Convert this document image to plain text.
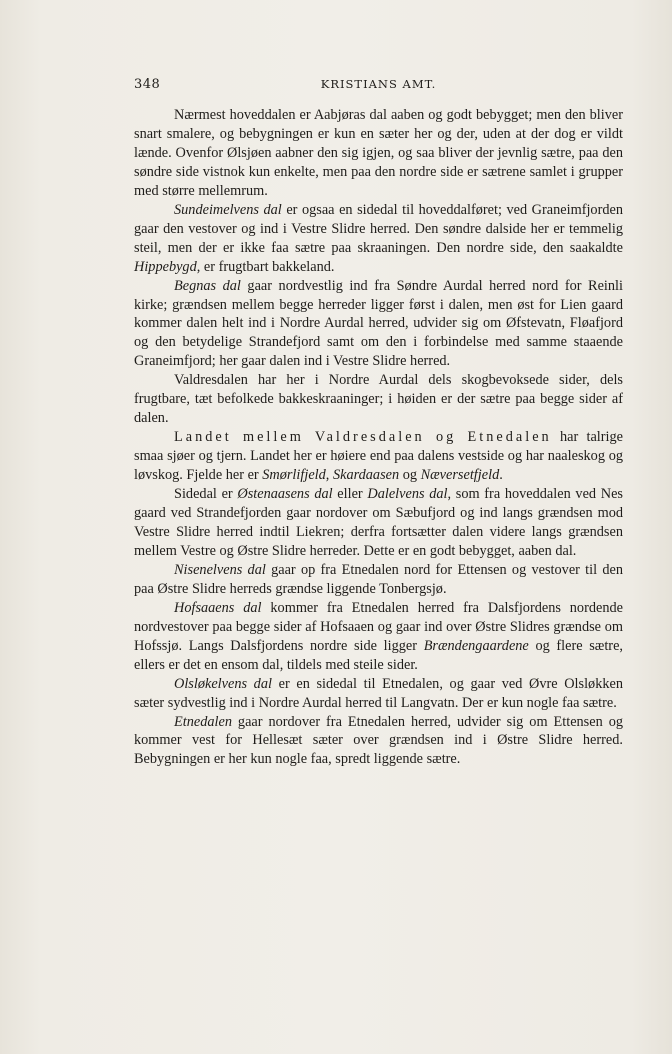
348	KRISTIANS AMT.

Nærmest hoveddalen er Aabjøras dal aaben og godt bebygget; men den bliver snart smalere, og bebygningen er kun en sæter her og der, uden at der dog er vildt lænde. Ovenfor Ølsjøen aabner den sig igjen, og saa bliver der jevnlig sætre, paa den søndre side vistnok kun enkelte, men paa den nordre side er sætrene samlet i grupper med større mellemrum.

Sundeimelvens dal er ogsaa en sidedal til hoveddalføret; ved Graneimfjorden gaar den vestover og ind i Vestre Slidre herred. Den søndre dalside her er temmelig steil, men der er ikke faa sætre paa skraaningen. Den nordre side, den saakaldte Hippebygd, er frugtbart bakkeland.

Begnas dal gaar nordvestlig ind fra Søndre Aurdal herred nord for Reinli kirke; grændsen mellem begge herreder ligger først i dalen, men øst for Lien gaard kommer dalen helt ind i Nordre Aurdal herred, udvider sig om Øfstevatn, Fløafjord og den betydelige Strandefjord samt om den i forbindelse med samme staaende Graneimfjord; her gaar dalen ind i Vestre Slidre herred.

Valdresdalen har her i Nordre Aurdal dels skogbevoksede sider, dels frugtbare, tæt befolkede bakkeskraaninger; i høiden er der sætre paa begge sider af dalen.

Landet mellem Valdresdalen og Etnedalen har talrige smaa sjøer og tjern. Landet her er høiere end paa dalens vestside og har naaleskog og løvskog. Fjelde her er Smørlifjeld, Skardaasen og Næversetfjeld.

Sidedal er Østenaasens dal eller Dalelvens dal, som fra hoveddalen ved Nes gaard ved Strandefjorden gaar nordover om Sæbufjord og ind langs grændsen mod Vestre Slidre herred indtil Liekren; derfra fortsætter dalen videre langs grændsen mellem Vestre og Østre Slidre herreder. Dette er en godt bebygget, aaben dal.

Nisenelvens dal gaar op fra Etnedalen nord for Ettensen og vestover til den paa Østre Slidre herreds grændse liggende Tonbergsjø.

Hofsaaens dal kommer fra Etnedalen herred fra Dalsfjordens nordende nordvestover paa begge sider af Hofsaaen og gaar ind over Østre Slidres grændse om Hofssjø. Langs Dalsfjordens nordre side ligger Brændengaardene og flere sætre, ellers er det en ensom dal, tildels med steile sider.

Olsløkelvens dal er en sidedal til Etnedalen, og gaar ved Øvre Olsløkken sæter sydvestlig ind i Nordre Aurdal herred til Langvatn. Der er kun nogle faa sætre.

Etnedalen gaar nordover fra Etnedalen herred, udvider sig om Ettensen og kommer vest for Hellesæt sæter over grændsen ind i Østre Slidre herred. Bebygningen er her kun nogle faa, spredt liggende sætre.
